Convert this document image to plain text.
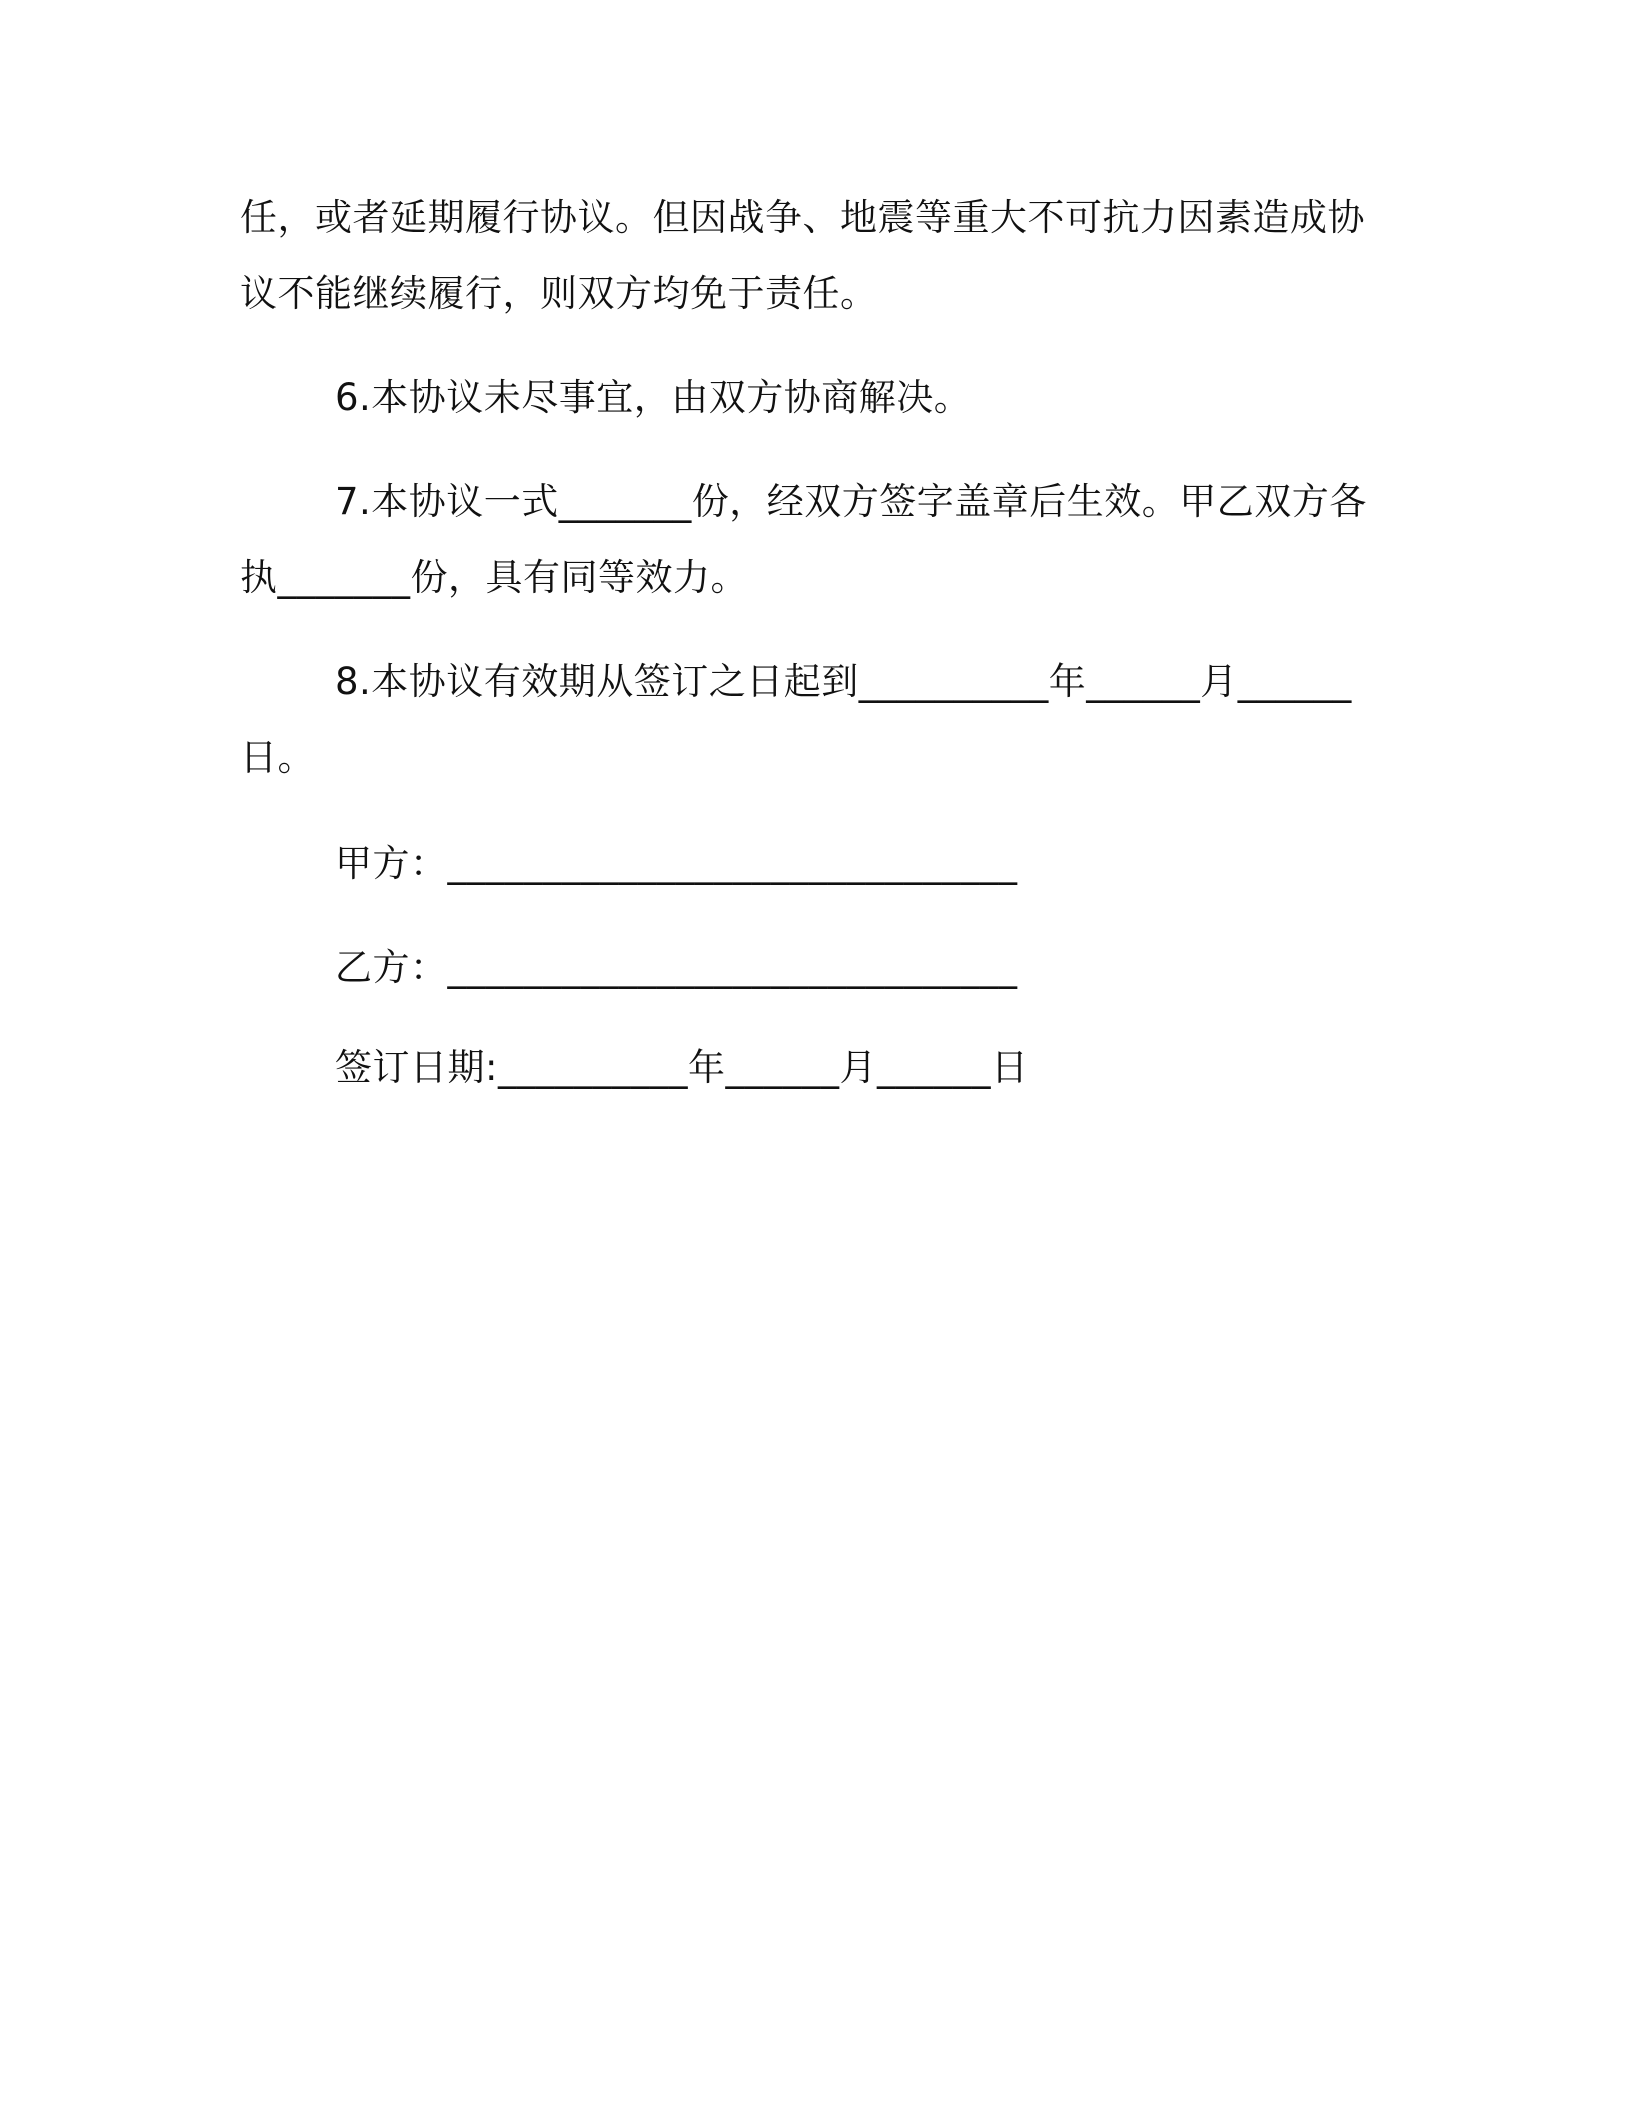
任，或者延期履行协议。但因战争、地震等重大不可抗力因素造成协
议不能继续履行，则双方均免于责任。
6.本协议未尽事宜，由双方协商解决。
7.本协议一式_______份，经双方签字盖章后生效。甲乙双方各
执_______份，具有同等效力。
8.本协议有效期从签订之日起到__________年______月______
日。
甲方：______________________________
乙方：______________________________
签订日期:__________年______月______日
